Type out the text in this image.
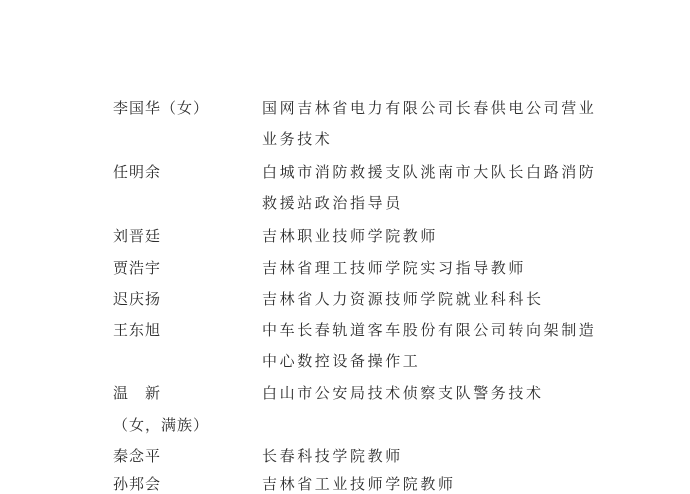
李国华（女）	国网吉林省电力有限公司长春供电公司营业
业务技术
任明余	白城市消防救援支队洮南市大队长白路消防
救援站政治指导员
刘晋廷	吉林职业技师学院教师
贾浩宇	吉林省理工技师学院实习指导教师
迟庆扬	吉林省人力资源技师学院就业科科长
王东旭	中车长春轨道客车股份有限公司转向架制造
中心数控设备操作工
温　新	白山市公安局技术侦察支队警务技术
（女，满族）
秦念平	长春科技学院教师
孙邦会	吉林省工业技师学院教师
